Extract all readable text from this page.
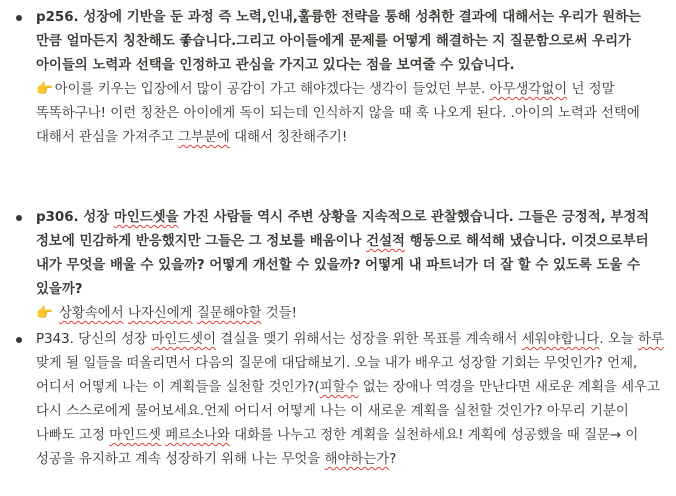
p256. 성장에 기반을 둔 과정 즉 노력,인내,훌륭한 전략을 통해 성취한 결과에 대해서는 우리가 원하는 만큼 얼마든지 칭찬해도 좋습니다.그리고 아이들에게 문제를 어떻게 해결하는 지 질문함으로써 우리가 아이들의 노력과 선택을 인정하고 관심을 가지고 있다는 점을 보여줄 수 있습니다.

👉 아이를 키우는 입장에서 많이 공감이 가고 해야겠다는 생각이 들었던 부분. 아무생각없이 넌 정말 똑똑하구나! 이런 칭찬은 아이에게 독이 되는데 인식하지 않을 때 훅 나오게 된다. .아이의 노력과 선택에 대해서 관심을 가져주고 그부분에 대해서 칭찬해주기!

p306. 성장 마인드셋을 가진 사람들 역시 주변 상황을 지속적으로 관찰했습니다. 그들은 긍정적, 부정적 정보에 민감하게 반응했지만 그들은 그 정보를 배움이나 건설적 행동으로 해석해 냈습니다. 이것으로부터 내가 무엇을 배울 수 있을까? 어떻게 개선할 수 있을까? 어떻게 내 파트너가 더 잘 할 수 있도록 도울 수 있을까?

👉 상황속에서 나자신에게 질문해야할 것들!

P343. 당신의 성장 마인드셋이 결실을 맺기 위해서는 성장을 위한 목표를 계속해서 세워야합니다. 오늘 하루 맞게 될 일들을 떠올리면서 다음의 질문에 대답해보기. 오늘 내가 배우고 성장할 기회는 무엇인가? 언제,어디서 어떻게 나는 이 계획들을 실천할 것인가?(피할수 없는 장애나 역경을 만난다면 새로운 계획을 세우고 다시 스스로에게 물어보세요.언제 어디서 어떻게 나는 이 새로운 계획을 실천할 것인가? 아무리 기분이 나빠도 고정 마인드셋 페르소나와 대화를 나누고 정한 계획을 실천하세요! 계획에 성공했을 때 질문→ 이 성공을 유지하고 계속 성장하기 위해 나는 무엇을 해야하는가?
